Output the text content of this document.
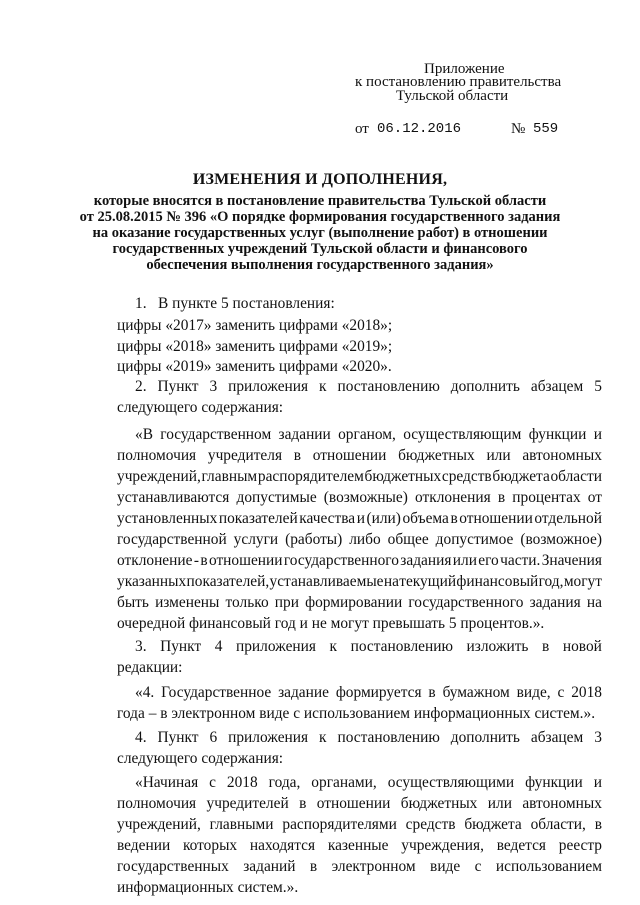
Приложение
к постановлению правительства
Тульской области
от 06.12.2016	№ 559
ИЗМЕНЕНИЯ И ДОПОЛНЕНИЯ,
которые вносятся в постановление правительства Тульской области
от 25.08.2015 № 396 «О порядке формирования государственного задания
на оказание государственных услуг (выполнение работ) в отношении
государственных учреждений Тульской области и финансового
обеспечения выполнения государственного задания»
1. В пункте 5 постановления:
цифры «2017» заменить цифрами «2018»;
цифры «2018» заменить цифрами «2019»;
цифры «2019» заменить цифрами «2020».
2. Пункт 3 приложения к постановлению дополнить абзацем 5
следующего содержания:
«В государственном задании органом, осуществляющим функции и
полномочия учредителя в отношении бюджетных или автономных
учреждений, главным распорядителем бюджетных средств бюджета области
устанавливаются допустимые (возможные) отклонения в процентах от
установленных показателей качества и (или) объема в отношении отдельной
государственной услуги (работы) либо общее допустимое (возможное)
отклонение - в отношении государственного задания или его части. Значения
указанных показателей, устанавливаемые на текущий финансовый год, могут
быть изменены только при формировании государственного задания на
очередной финансовый год и не могут превышать 5 процентов.».
3. Пункт 4 приложения к постановлению изложить в новой
редакции:
«4. Государственное задание формируется в бумажном виде, с 2018
года – в электронном виде с использованием информационных систем.».
4. Пункт 6 приложения к постановлению дополнить абзацем 3
следующего содержания:
«Начиная с 2018 года, органами, осуществляющими функции и
полномочия учредителей в отношении бюджетных или автономных
учреждений, главными распорядителями средств бюджета области, в
ведении которых находятся казенные учреждения, ведется реестр
государственных заданий в электронном виде с использованием
информационных систем.».
